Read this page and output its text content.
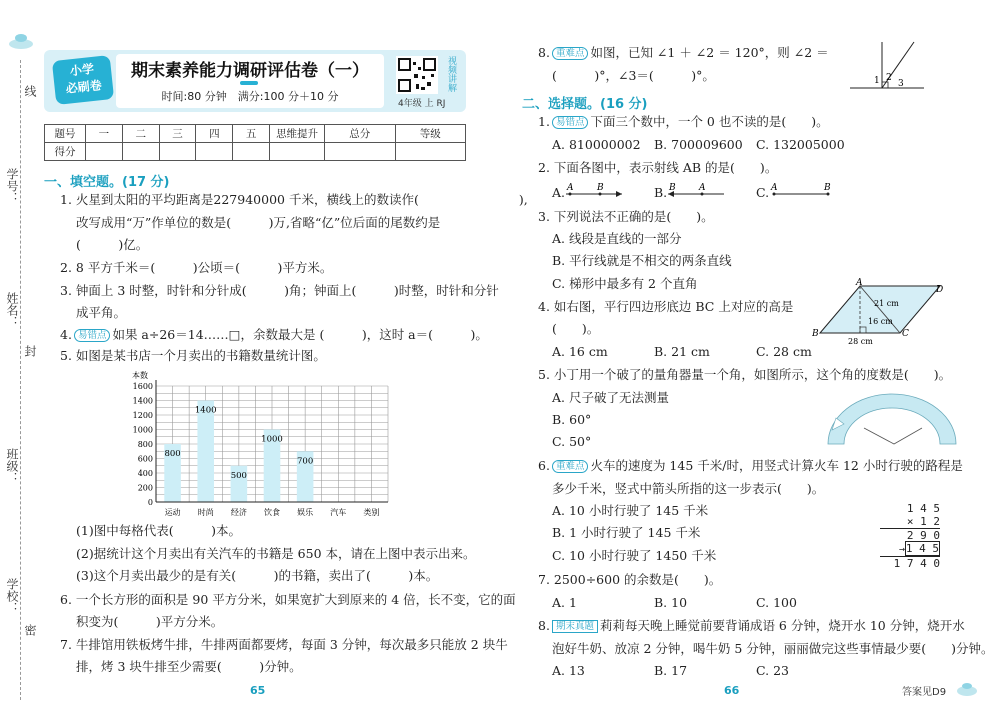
线
学号：
姓名：
封
班级：
学校：
密
小学
必刷卷
期末素养能力调研评估卷（一）
时间:80 分钟　满分:100 分＋10 分
视频讲解
4年级 上 RJ
题号	一	二	三	四	五	思维提升	总分	等级
得分								
一、填空题。(17 分)
1. 火星到太阳的平均距离是227940000 千米，横线上的数读作(　　　　　　　　),
改写成用“万”作单位的数是(　　　)万,省略“亿”位后面的尾数约是
(　　　)亿。
2. 8 平方千米＝(　　　)公顷＝(　　　)平方米。
3. 钟面上 3 时整，时针和分针成(　　　)角；钟面上(　　　)时整，时针和分针
成平角。
4. 易错点 如果 a÷26＝14……□，余数最大是 (　　　)，这时 a＝(　　　)。
5. 如图是某书店一个月卖出的书籍数量统计图。
0
200
400
600
800
1000
1200
1400
1600
本数
800
运动
1400
时尚
500
经济
1000
饮食
700
娱乐 汽车 类别
(1)图中每格代表(　　　)本。
(2)据统计这个月卖出有关汽车的书籍是 650 本，请在上图中表示出来。
(3)这个月卖出最少的是有关(　　　)的书籍，卖出了(　　　)本。
6. 一个长方形的面积是 90 平方分米，如果宽扩大到原来的 4 倍，长不变，它的面
积变为(　　　)平方分米。
7. 牛排馆用铁板烤牛排，牛排两面都要烤，每面 3 分钟，每次最多只能放 2 块牛
排，烤 3 块牛排至少需要(　　　)分钟。
65
8. 重难点 如图，已知 ∠1 ＋ ∠2 ＝ 120°，则 ∠2 ＝
(　　　)°，∠3＝(　　　)°。	1 2
3
二、选择题。(16 分)
1. 易错点 下面三个数中，一个 0 也不读的是(　　)。
A. 810000002 B. 700009600 C. 132005000
2. 下面各图中，表示射线 AB 的是(　　)。
A. A	B	B. B	A	C. A	B
3. 下列说法不正确的是(　　)。
A. 线段是直线的一部分
B. 平行线就是不相交的两条直线
C. 梯形中最多有 2 个直角
4. 如右图，平行四边形底边 BC 上对应的高是
(　　)。
A. 16 cm	B. 21 cm	C. 28 cm
A
D
B	C
21 cm
16 cm
28 cm
5. 小丁用一个破了的量角器量一个角，如图所示，这个角的度数是(　　)。
A. 尺子破了无法测量
B. 60°
C. 50°
6. 重难点 火车的速度为 145 千米/时，用竖式计算火车 12 小时行驶的路程是
多少千米，竖式中箭头所指的这一步表示(　　)。
A. 10 小时行驶了 145 千米
B. 1 小时行驶了 145 千米
C. 10 小时行驶了 1450 千米
1 4 5
× 1 2
2 9 0
→1 4 5
1 7 4 0
7. 2500÷600 的余数是(　　)。
A. 1	B. 10	C. 100
8. 期末真题 莉莉每天晚上睡觉前要背诵成语 6 分钟，烧开水 10 分钟，烧开水
泡好牛奶、放凉 2 分钟，喝牛奶 5 分钟，丽丽做完这些事情最少要(　　)分钟。
A. 13	B. 17	C. 23
66	答案见D9
